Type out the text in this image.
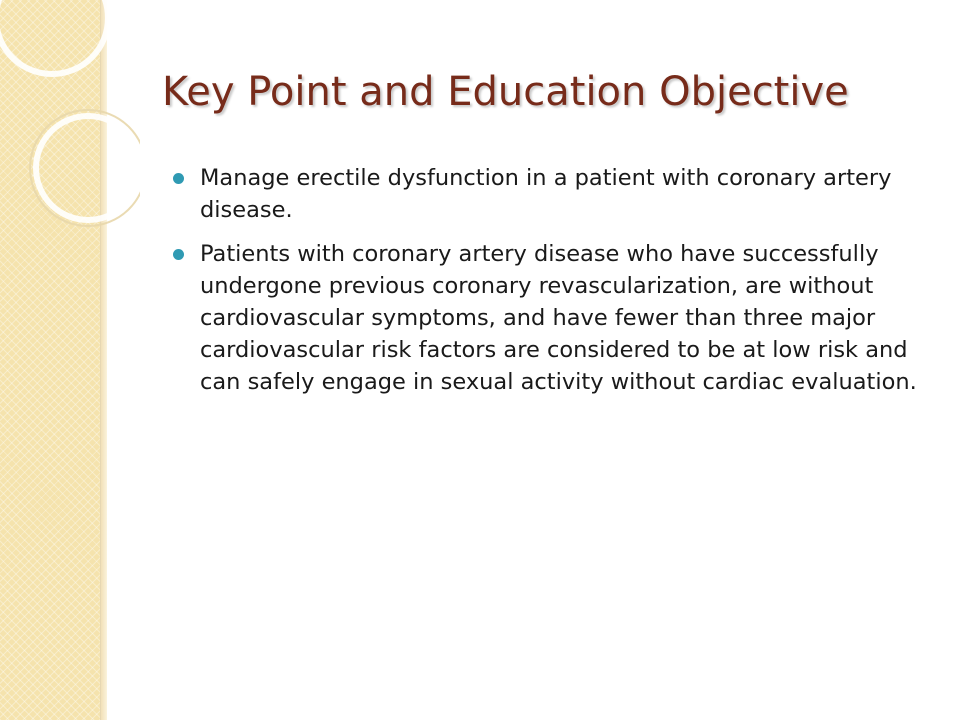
Key Point and Education Objective
Manage erectile dysfunction in a patient with coronary artery disease.
Patients with coronary artery disease who have successfully undergone previous coronary revascularization, are without cardiovascular symptoms, and have fewer than three major cardiovascular risk factors are considered to be at low risk and can safely engage in sexual activity without cardiac evaluation.
